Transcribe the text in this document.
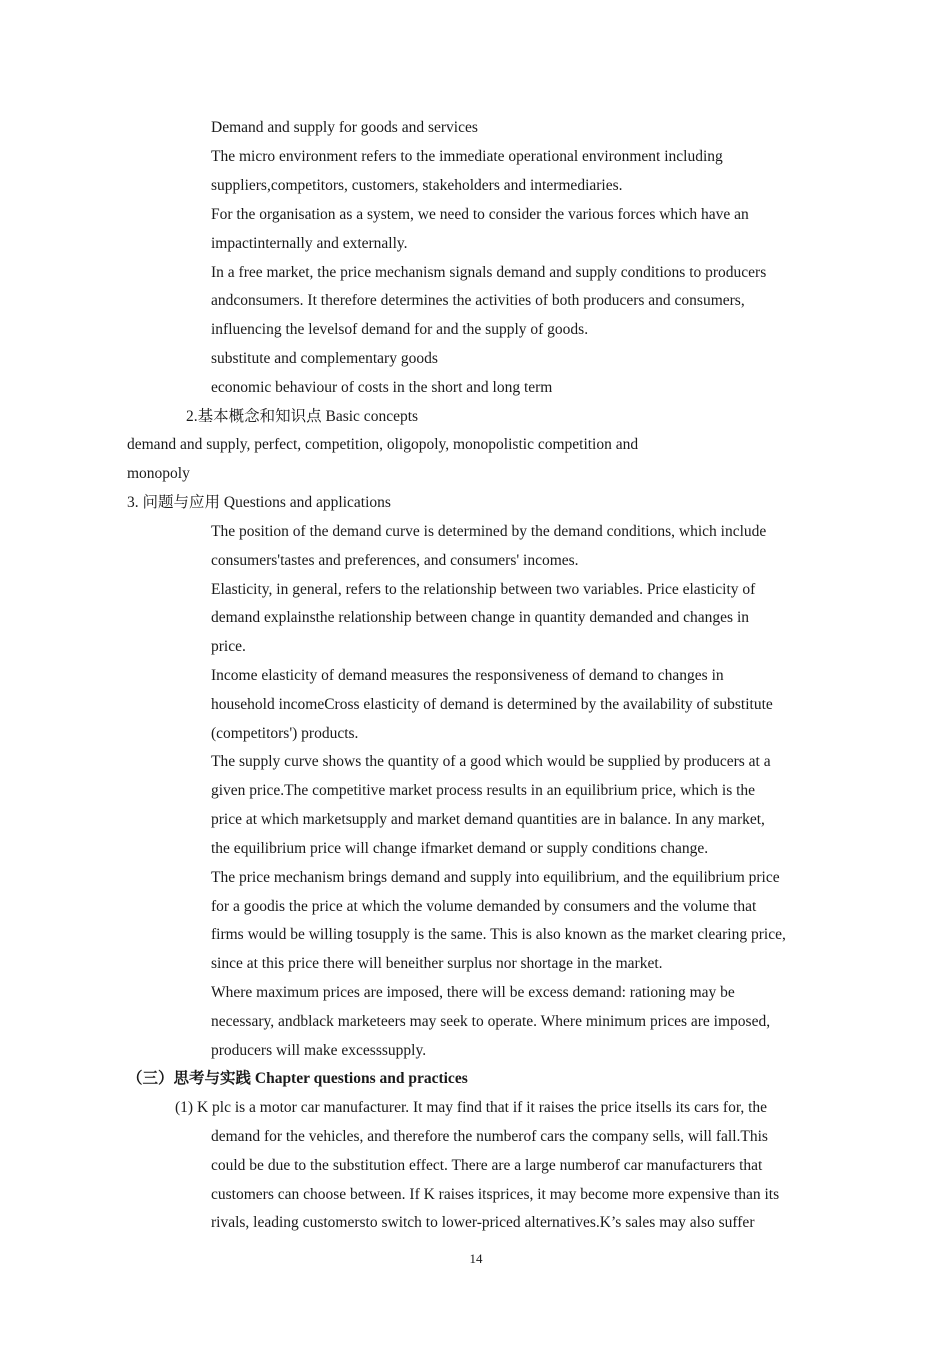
Demand and supply for goods and services
The micro environment refers to the immediate operational environment including
suppliers,competitors, customers, stakeholders and intermediaries.
For the organisation as a system, we need to consider the various forces which have an
impactinternally and externally.
In a free market, the price mechanism signals demand and supply conditions to producers
andconsumers. It therefore determines the activities of both producers and consumers,
influencing the levelsof demand for and the supply of goods.
substitute and complementary goods
economic behaviour of costs in the short and long term
2.基本概念和知识点 Basic concepts
demand and supply, perfect, competition, oligopoly, monopolistic competition and
monopoly
3. 问题与应用 Questions and applications
The position of the demand curve is determined by the demand conditions, which include
consumers'tastes and preferences, and consumers' incomes.
Elasticity, in general, refers to the relationship between two variables. Price elasticity of
demand explainsthe relationship between change in quantity demanded and changes in
price.
Income elasticity of demand measures the responsiveness of demand to changes in
household incomeCross elasticity of demand is determined by the availability of substitute
(competitors') products.
The supply curve shows the quantity of a good which would be supplied by producers at a
given price.The competitive market process results in an equilibrium price, which is the
price at which marketsupply and market demand quantities are in balance. In any market,
the equilibrium price will change ifmarket demand or supply conditions change.
The price mechanism brings demand and supply into equilibrium, and the equilibrium price
for a goodis the price at which the volume demanded by consumers and the volume that
firms would be willing tosupply is the same. This is also known as the market clearing price,
since at this price there will beneither surplus nor shortage in the market.
Where maximum prices are imposed, there will be excess demand: rationing may be
necessary, andblack marketeers may seek to operate. Where minimum prices are imposed,
producers will make excesssupply.
（三）思考与实践 Chapter questions and practices
(1) K plc is a motor car manufacturer. It may find that if it raises the price itsells its cars for, the
demand for the vehicles, and therefore the numberof cars the company sells, will fall.This
could be due to the substitution effect. There are a large numberof car manufacturers that
customers can choose between. If K raises itsprices, it may become more expensive than its
rivals, leading customersto switch to lower-priced alternatives.K’s sales may also suffer
14
